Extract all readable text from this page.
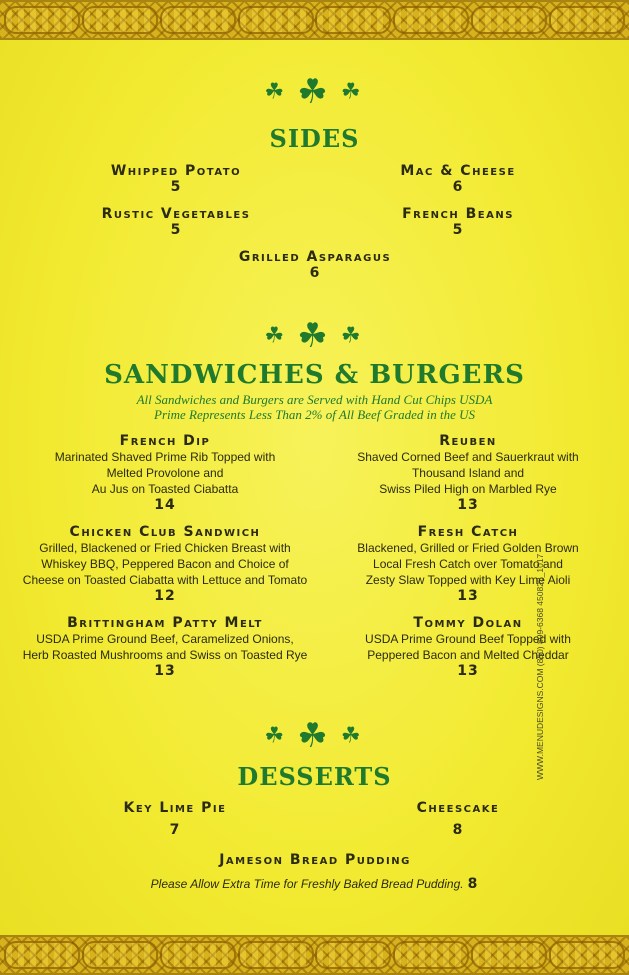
☘ ☘ ☘
SIDES
Whipped Potato
5
Mac & Cheese
6
Rustic Vegetables
5
French Beans
5
Grilled Asparagus
6
☘ ☘ ☘
SANDWICHES & BURGERS
All Sandwiches and Burgers are Served with Hand Cut Chips USDA
Prime Represents Less Than 2% of All Beef Graded in the US
French Dip
Marinated Shaved Prime Rib Topped with
Melted Provolone and
Au Jus on Toasted Ciabatta
14
Reuben
Shaved Corned Beef and Sauerkraut with
Thousand Island and
Swiss Piled High on Marbled Rye
13
Chicken Club Sandwich
Grilled, Blackened or Fried Chicken Breast with
Whiskey BBQ, Peppered Bacon and Choice of
Cheese on Toasted Ciabatta with Lettuce and Tomato
12
Fresh Catch
Blackened, Grilled or Fried Golden Brown
Local Fresh Catch over Tomato and
Zesty Slaw Topped with Key Lime Aioli
13
Brittingham Patty Melt
USDA Prime Ground Beef, Caramelized Onions,
Herb Roasted Mushrooms and Swiss on Toasted Rye
13
Tommy Dolan
USDA Prime Ground Beef Topped with
Peppered Bacon and Melted Cheddar
13
☘ ☘ ☘
DESSERTS
Key Lime Pie
7
Cheescake
8
Jameson Bread Pudding
Please Allow Extra Time for Freshly Baked Bread Pudding. 8
WWW.MENUDESIGNS.COM (850) 899-6368 450823_1017
